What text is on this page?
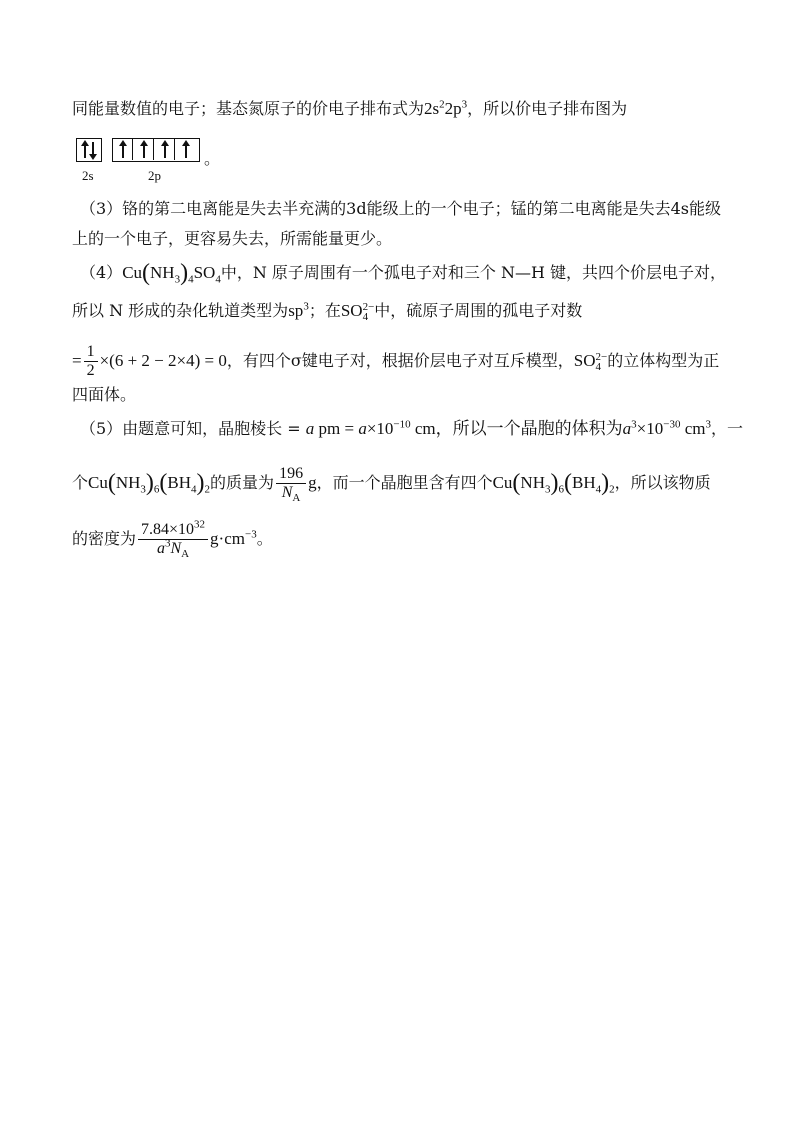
同能量数值的电子；基态氮原子的价电子排布式为$2s^22p^3$，所以价电子排布图为
。
2s	2p
（3）铬的第二电离能是失去半充满的3d能级上的一个电子；锰的第二电离能是失去4s能级
上的一个电子，更容易失去，所需能量更少。
$(4)Cu(NH_3)_4SO_4$中，N 原子周围有一个孤电子对和三个 N—H 键，共四个价层电子对，
所以 N 形成的杂化轨道类型为$sp^3$；在SO 2−
4 中，硫原子周围的孤电子对数
= $\frac{1}{2} \times(6 + 2 - 2\times 4) = 0$，有四个σ键电子对，根据价层电子对互斥模型，SO 2−
4 的立体构型为正
四面体。
（5）由题意可知，晶胞棱长 = a pm = $a\times 10^{-10}$ cm，所以一个晶胞的体积为$a^3\times 10^{-30}$ $cm^3$，一
个$Cu(NH_3)_6(BH_4)_2$的质量为 $\frac{196}{N_A}$ g，而一个晶胞里含有四个$Cu(NH_3)_6(BH_4)_2$，所以该物质
的密度为 $\frac{7.84\times 10^{32}}{a^3N_A} g\cdot cm^{-3}$。
